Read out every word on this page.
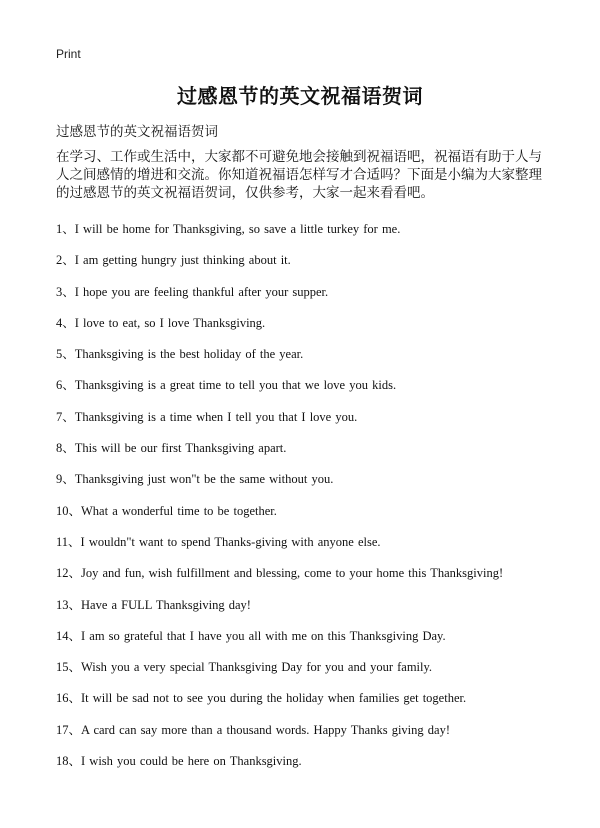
Print
过感恩节的英文祝福语贺词
过感恩节的英文祝福语贺词
在学习、工作或生活中，大家都不可避免地会接触到祝福语吧，祝福语有助于人与人之间感情的增进和交流。你知道祝福语怎样写才合适吗？下面是小编为大家整理的过感恩节的英文祝福语贺词，仅供参考，大家一起来看看吧。
1、I will be home for Thanksgiving, so save a little turkey for me.
2、I am getting hungry just thinking about it.
3、I hope you are feeling thankful after your supper.
4、I love to eat, so I love Thanksgiving.
5、Thanksgiving is the best holiday of the year.
6、Thanksgiving is a great time to tell you that we love you kids.
7、Thanksgiving is a time when I tell you that I love you.
8、This will be our first Thanksgiving apart.
9、Thanksgiving just won"t be the same without you.
10、What a wonderful time to be together.
11、I wouldn"t want to spend Thanks-giving with anyone else.
12、Joy and fun, wish fulfillment and blessing, come to your home this Thanksgiving!
13、Have a FULL Thanksgiving day!
14、I am so grateful that I have you all with me on this Thanksgiving Day.
15、Wish you a very special Thanksgiving Day for you and your family.
16、It will be sad not to see you during the holiday when families get together.
17、A card can say more than a thousand words. Happy Thanks giving day!
18、I wish you could be here on Thanksgiving.
